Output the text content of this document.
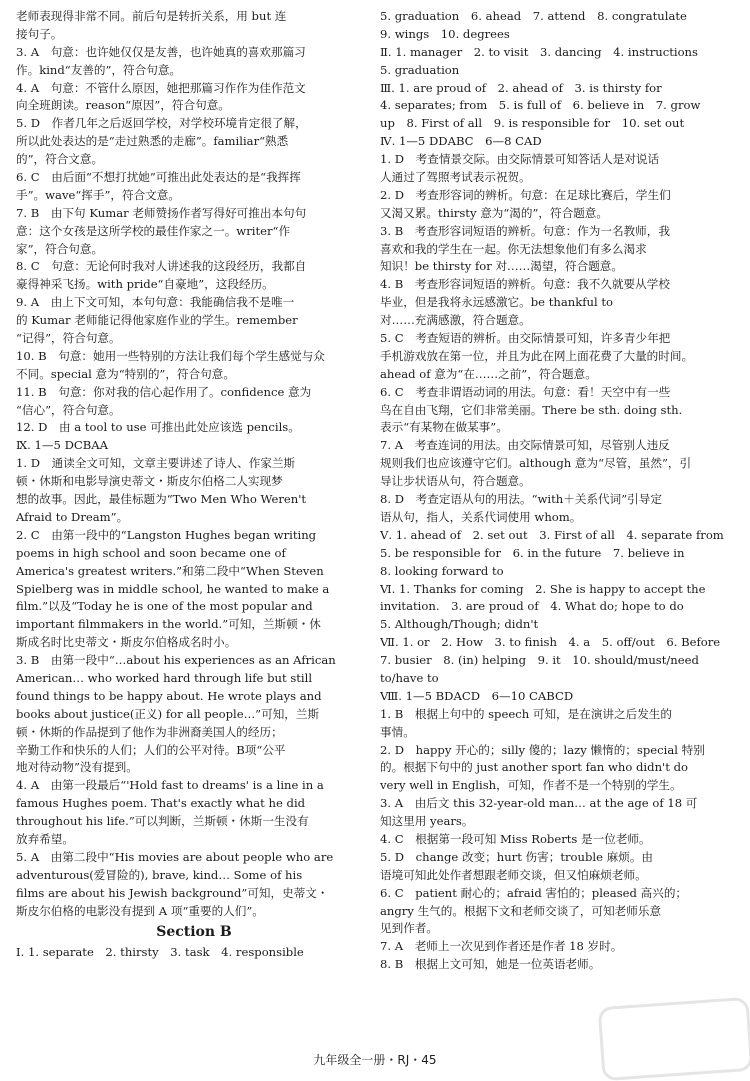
老师表现得非常不同。前后句是转折关系，用 but 连
接句子。
3. A　句意：也许她仅仅是友善，也许她真的喜欢那篇习
作。kind“友善的”，符合句意。
4. A　句意：不管什么原因，她把那篇习作作为佳作范文
向全班朗读。reason“原因”，符合句意。
5. D　作者几年之后返回学校，对学校环境肯定很了解，
所以此处表达的是“走过熟悉的走廊”。familiar“熟悉
的”，符合文意。
6. C　由后面“不想打扰她”可推出此处表达的是“我挥挥
手”。wave“挥手”，符合文意。
7. B　由下句 Kumar 老师赞扬作者写得好可推出本句句
意：这个女孩是这所学校的最佳作家之一。writer“作
家”，符合句意。
8. C　句意：无论何时我对人讲述我的这段经历，我都自
豪得神采飞扬。with pride“自豪地”，这段经历。
9. A　由上下文可知，本句句意：我能确信我不是唯一
的 Kumar 老师能记得他家庭作业的学生。remember
“记得”，符合句意。
10. B　句意：她用一些特别的方法让我们每个学生感觉与众
不同。special 意为“特别的”，符合句意。
11. B　句意：你对我的信心起作用了。confidence 意为
“信心”，符合句意。
12. D　由 a tool to use 可推出此处应该选 pencils。
Ⅸ. 1—5 DCBAA
1. D　通读全文可知，文章主要讲述了诗人、作家兰斯
顿・休斯和电影导演史蒂文・斯皮尔伯格二人实现梦
想的故事。因此，最佳标题为“Two Men Who Weren't
Afraid to Dream”。
2. C　由第一段中的“Langston Hughes began writing
poems in high school and soon became one of
America's greatest writers.”和第二段中“When Steven
Spielberg was in middle school, he wanted to make a
film.”以及“Today he is one of the most popular and
important filmmakers in the world.”可知，兰斯顿・休
斯成名时比史蒂文・斯皮尔伯格成名时小。
3. B　由第一段中“…about his experiences as an African
American… who worked hard through life but still
found things to be happy about. He wrote plays and
books about justice(正义) for all people…”可知，兰斯
顿・休斯的作品提到了他作为非洲裔美国人的经历；
辛勤工作和快乐的人们；人们的公平对待。B项“公平
地对待动物”没有提到。
4. A　由第一段最后“'Hold fast to dreams' is a line in a
famous Hughes poem. That's exactly what he did
throughout his life.”可以判断，兰斯顿・休斯一生没有
放弃希望。
5. A　由第二段中“His movies are about people who are
adventurous(爱冒险的), brave, kind… Some of his
films are about his Jewish background”可知，史蒂文・
斯皮尔伯格的电影没有提到 A 项“重要的人们”。
Section B
Ⅰ. 1. separate　2. thirsty　3. task　4. responsible
5. graduation　6. ahead　7. attend　8. congratulate
9. wings　10. degrees
Ⅱ. 1. manager　2. to visit　3. dancing　4. instructions
5. graduation
Ⅲ. 1. are proud of　2. ahead of　3. is thirsty for
4. separates; from　5. is full of　6. believe in　7. grow
up　8. First of all　9. is responsible for　10. set out
Ⅳ. 1—5 DDABC　6—8 CAD
1. D　考查情景交际。由交际情景可知答话人是对说话
人通过了驾照考试表示祝贺。
2. D　考查形容词的辨析。句意：在足球比赛后，学生们
又渴又累。thirsty 意为“渴的”，符合题意。
3. B　考查形容词短语的辨析。句意：作为一名教师，我
喜欢和我的学生在一起。你无法想象他们有多么渴求
知识！be thirsty for 对……渴望，符合题意。
4. B　考查形容词短语的辨析。句意：我不久就要从学校
毕业，但是我将永远感激它。be thankful to
对……充满感激，符合题意。
5. C　考查短语的辨析。由交际情景可知，许多青少年把
手机游戏放在第一位，并且为此在网上面花费了大量的时间。
ahead of 意为“在……之前”，符合题意。
6. C　考查非谓语动词的用法。句意：看！天空中有一些
鸟在自由飞翔，它们非常美丽。There be sth. doing sth.
表示“有某物在做某事”。
7. A　考查连词的用法。由交际情景可知，尽管别人违反
规则我们也应该遵守它们。although 意为“尽管，虽然”，引
导让步状语从句，符合题意。
8. D　考查定语从句的用法。“with＋关系代词”引导定
语从句，指人，关系代词使用 whom。
Ⅴ. 1. ahead of　2. set out　3. First of all　4. separate from
5. be responsible for　6. in the future　7. believe in
8. looking forward to
Ⅵ. 1. Thanks for coming　2. She is happy to accept the
invitation.　3. are proud of　4. What do; hope to do
5. Although/Though; didn't
Ⅶ. 1. or　2. How　3. to finish　4. a　5. off/out　6. Before
7. busier　8. (in) helping　9. it　10. should/must/need
to/have to
Ⅷ. 1—5 BDACD　6—10 CABCD
1. B　根据上句中的 speech 可知，是在演讲之后发生的
事情。
2. D　happy 开心的；silly 傻的；lazy 懒惰的；special 特别
的。根据下句中的 just another sport fan who didn't do
very well in English，可知，作者不是一个特别的学生。
3. A　由后文 this 32-year-old man… at the age of 18 可
知这里用 years。
4. C　根据第一段可知 Miss Roberts 是一位老师。
5. D　change 改变；hurt 伤害；trouble 麻烦。由
语境可知此处作者想跟老师交谈，但又怕麻烦老师。
6. C　patient 耐心的；afraid 害怕的；pleased 高兴的；
angry 生气的。根据下文和老师交谈了，可知老师乐意
见到作者。
7. A　老师上一次见到作者还是作者 18 岁时。
8. B　根据上文可知，她是一位英语老师。
九年级全一册・RJ・45
